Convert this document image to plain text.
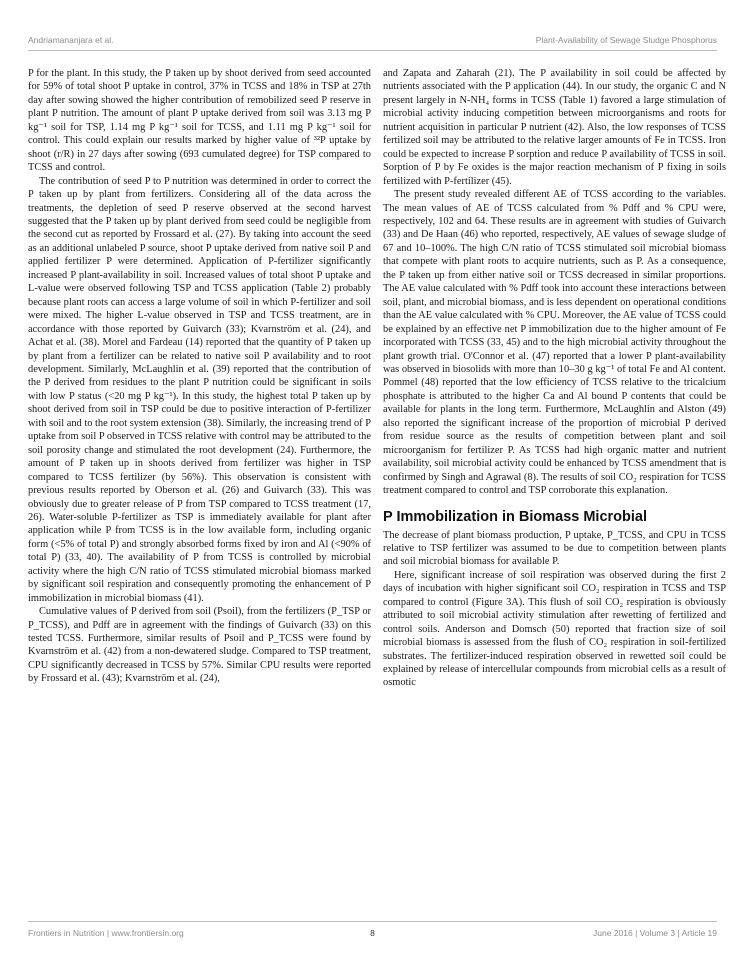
Andriamananjara et al.	Plant-Availability of Sewage Sludge Phosphorus

P for the plant. In this study, the P taken up by shoot derived from seed accounted for 59% of total shoot P uptake in control, 37% in TCSS and 18% in TSP at 27th day after sowing showed the higher contribution of remobilized seed P reserve in plant P nutrition. The amount of plant P uptake derived from soil was 3.13 mg P kg⁻¹ soil for TSP, 1.14 mg P kg⁻¹ soil for TCSS, and 1.11 mg P kg⁻¹ soil for control. This could explain our results marked by higher value of ³²P uptake by shoot (r/R) in 27 days after sowing (693 cumulated degree) for TSP compared to TCSS and control.

The contribution of seed P to P nutrition was determined in order to correct the P taken up by plant from fertilizers. Considering all of the data across the treatments, the depletion of seed P reserve observed at the second harvest suggested that the P taken up by plant derived from seed could be negligible from the second cut as reported by Frossard et al. (27). By taking into account the seed as an additional unlabeled P source, shoot P uptake derived from native soil P and applied fertilizer P were determined. Application of P-fertilizer significantly increased P plant-availability in soil. Increased values of total shoot P uptake and L-value were observed following TSP and TCSS application (Table 2) probably because plant roots can access a large volume of soil in which P-fertilizer and soil were mixed. The higher L-value observed in TSP and TCSS treatment, are in accordance with those reported by Guivarch (33); Kvarnström et al. (24), and Achat et al. (38). Morel and Fardeau (14) reported that the quantity of P taken up by plant from a fertilizer can be related to native soil P availability and to root development. Similarly, McLaughlin et al. (39) reported that the contribution of the P derived from residues to the plant P nutrition could be significant in soils with low P status (<20 mg P kg⁻¹). In this study, the highest total P taken up by shoot derived from soil in TSP could be due to positive interaction of P-fertilizer with soil and to the root system extension (38). Similarly, the increasing trend of P uptake from soil P observed in TCSS relative with control may be attributed to the soil porosity change and stimulated the root development (24). Furthermore, the amount of P taken up in shoots derived from fertilizer was higher in TSP compared to TCSS fertilizer (by 56%). This observation is consistent with previous results reported by Oberson et al. (26) and Guivarch (33). This was obviously due to greater release of P from TSP compared to TCSS treatment (17, 26). Water-soluble P-fertilizer as TSP is immediately available for plant after application while P from TCSS is in the low available form, including organic form (<5% of total P) and strongly absorbed forms fixed by iron and Al (<90% of total P) (33, 40). The availability of P from TCSS is controlled by microbial activity where the high C/N ratio of TCSS stimulated microbial biomass marked by significant soil respiration and consequently promoting the enhancement of P immobilization in microbial biomass (41).

Cumulative values of P derived from soil (Psoil), from the fertilizers (P_TSP or P_TCSS), and Pdff are in agreement with the findings of Guivarch (33) on this tested TCSS. Furthermore, similar results of Psoil and P_TCSS were found by Kvarnström et al. (42) from a non-dewatered sludge. Compared to TSP treatment, CPU significantly decreased in TCSS by 57%. Similar CPU results were reported by Frossard et al. (43); Kvarnström et al. (24),

and Zapata and Zaharah (21). The P availability in soil could be affected by nutrients associated with the P application (44). In our study, the organic C and N present largely in N-NH₄ forms in TCSS (Table 1) favored a large stimulation of microbial activity inducing competition between microorganisms and roots for nutrient acquisition in particular P nutrient (42). Also, the low responses of TCSS fertilized soil may be attributed to the relative larger amounts of Fe in TCSS. Iron could be expected to increase P sorption and reduce P availability of TCSS in soil. Sorption of P by Fe oxides is the major reaction mechanism of P fixing in soils fertilized with P-fertilizer (45).

The present study revealed different AE of TCSS according to the variables. The mean values of AE of TCSS calculated from % Pdff and % CPU were, respectively, 102 and 64. These results are in agreement with studies of Guivarch (33) and De Haan (46) who reported, respectively, AE values of sewage sludge of 67 and 10–100%. The high C/N ratio of TCSS stimulated soil microbial biomass that compete with plant roots to acquire nutrients, such as P. As a consequence, the P taken up from either native soil or TCSS decreased in similar proportions. The AE value calculated with % Pdff took into account these interactions between soil, plant, and microbial biomass, and is less dependent on operational conditions than the AE value calculated with % CPU. Moreover, the AE value of TCSS could be explained by an effective net P immobilization due to the higher amount of Fe incorporated with TCSS (33, 45) and to the high microbial activity throughout the plant growth trial. O'Connor et al. (47) reported that a lower P plant-availability was observed in biosolids with more than 10–30 g kg⁻¹ of total Fe and Al content. Pommel (48) reported that the low efficiency of TCSS relative to the tricalcium phosphate is attributed to the higher Ca and Al bound P contents that could be available for plants in the long term. Furthermore, McLaughlin and Alston (49) also reported the significant increase of the proportion of microbial P derived from residue source as the results of competition between plant and soil microorganism for fertilizer P. As TCSS had high organic matter and nutrient availability, soil microbial activity could be enhanced by TCSS amendment that is confirmed by Singh and Agrawal (8). The results of soil CO₂ respiration for TCSS treatment compared to control and TSP corroborate this explanation.

P Immobilization in Biomass Microbial

The decrease of plant biomass production, P uptake, P_TCSS, and CPU in TCSS relative to TSP fertilizer was assumed to be due to competition between plants and soil microbial biomass for available P.

Here, significant increase of soil respiration was observed during the first 2 days of incubation with higher significant soil CO₂ respiration in TCSS and TSP compared to control (Figure 3A). This flush of soil CO₂ respiration is obviously attributed to soil microbial activity stimulation after rewetting of fertilized and control soils. Anderson and Domsch (50) reported that fraction size of soil microbial biomass is assessed from the flush of CO₂ respiration in soil-fertilized substrates. The fertilizer-induced respiration observed in rewetted soil could be explained by release of intercellular compounds from microbial cells as a result of osmotic

Frontiers in Nutrition | www.frontiersin.org	8	June 2016 | Volume 3 | Article 19
